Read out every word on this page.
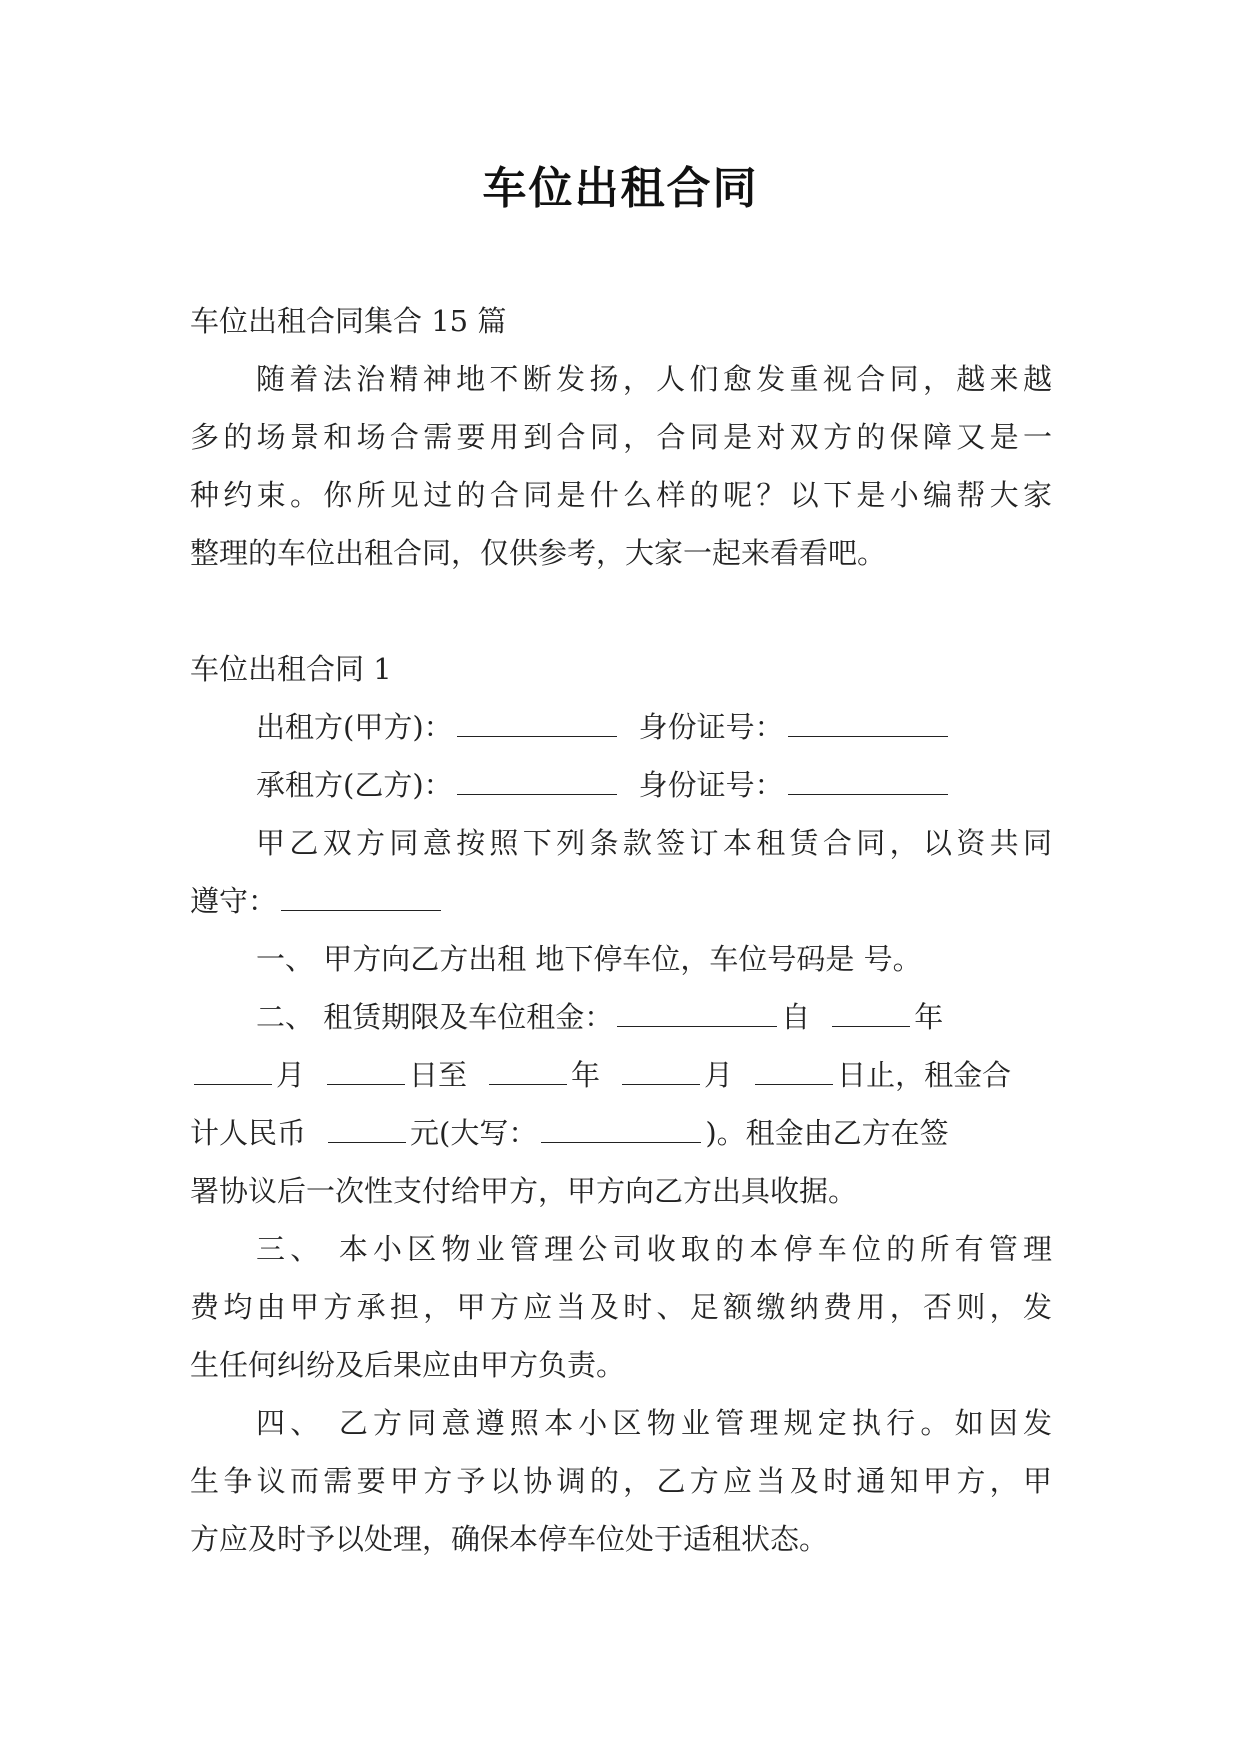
车位出租合同
车位出租合同集合 15 篇
随着法治精神地不断发扬，人们愈发重视合同，越来越
多的场景和场合需要用到合同，合同是对双方的保障又是一
种约束。你所见过的合同是什么样的呢？以下是小编帮大家
整理的车位出租合同，仅供参考，大家一起来看看吧。
车位出租合同 1
出租方(甲方)：	身份证号：
承租方(乙方)：	身份证号：
甲乙双方同意按照下列条款签订本租赁合同，以资共同
遵守：
一、 甲方向乙方出租 地下停车位，车位号码是 号。
二、 租赁期限及车位租金：	自	年
月	日至	年	月	日止，租金合
计人民币	元(大写：	)。租金由乙方在签
署协议后一次性支付给甲方，甲方向乙方出具收据。
三、 本小区物业管理公司收取的本停车位的所有管理
费均由甲方承担，甲方应当及时、足额缴纳费用，否则，发
生任何纠纷及后果应由甲方负责。
四、 乙方同意遵照本小区物业管理规定执行。如因发
生争议而需要甲方予以协调的，乙方应当及时通知甲方，甲
方应及时予以处理，确保本停车位处于适租状态。
